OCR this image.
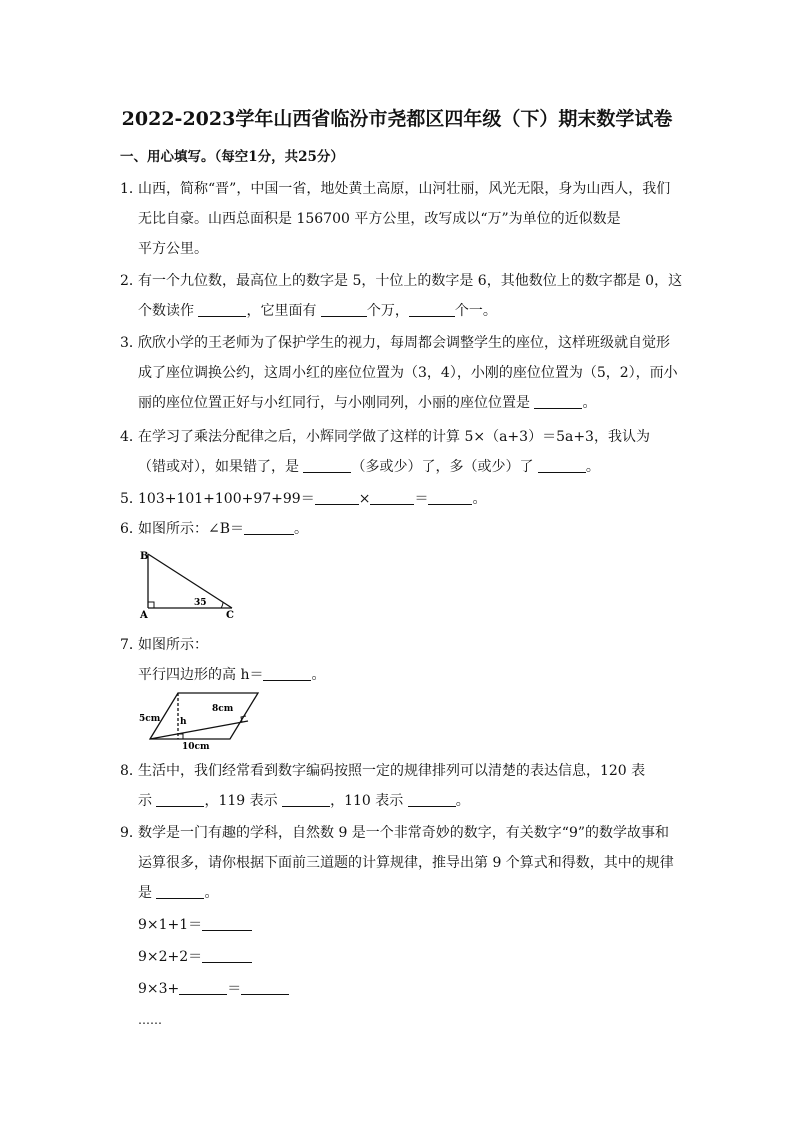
2022-2023学年山西省临汾市尧都区四年级（下）期末数学试卷
一、用心填写。（每空1分，共25分）
1．山西，简称“晋”，中国一省，地处黄土高原，山河壮丽，风光无限，身为山西人，我们
无比自豪。山西总面积是 156700 平方公里，改写成以“万”为单位的近似数是
平方公里。
2．有一个九位数，最高位上的数字是 5，十位上的数字是 6，其他数位上的数字都是 0，这
个数读作	，它里面有	个万，	个一。
3．欣欣小学的王老师为了保护学生的视力，每周都会调整学生的座位，这样班级就自觉形
成了座位调换公约，这周小红的座位位置为（3，4），小刚的座位位置为（5，2），而小
丽的座位位置正好与小红同行，与小刚同列，小丽的座位位置是	。
4．在学习了乘法分配律之后，小辉同学做了这样的计算 5×（a+3）＝5a+3，我认为
（错或对），如果错了，是	（多或少）了，多（或少）了	。
5．103+101+100+97+99＝	×	＝	。
6．如图所示：∠B＝	。
B
A	C
35
7．如图所示：
平行四边形的高 h＝	。
5cm
8cm
h
10cm
8．生活中，我们经常看到数字编码按照一定的规律排列可以清楚的表达信息，120 表
示	，119 表示	，110 表示	。
9．数学是一门有趣的学科，自然数 9 是一个非常奇妙的数字，有关数字“9”的数学故事和
运算很多，请你根据下面前三道题的计算规律，推导出第 9 个算式和得数，其中的规律
是	。
9×1+1＝
9×2+2＝
9×3+	＝
……
